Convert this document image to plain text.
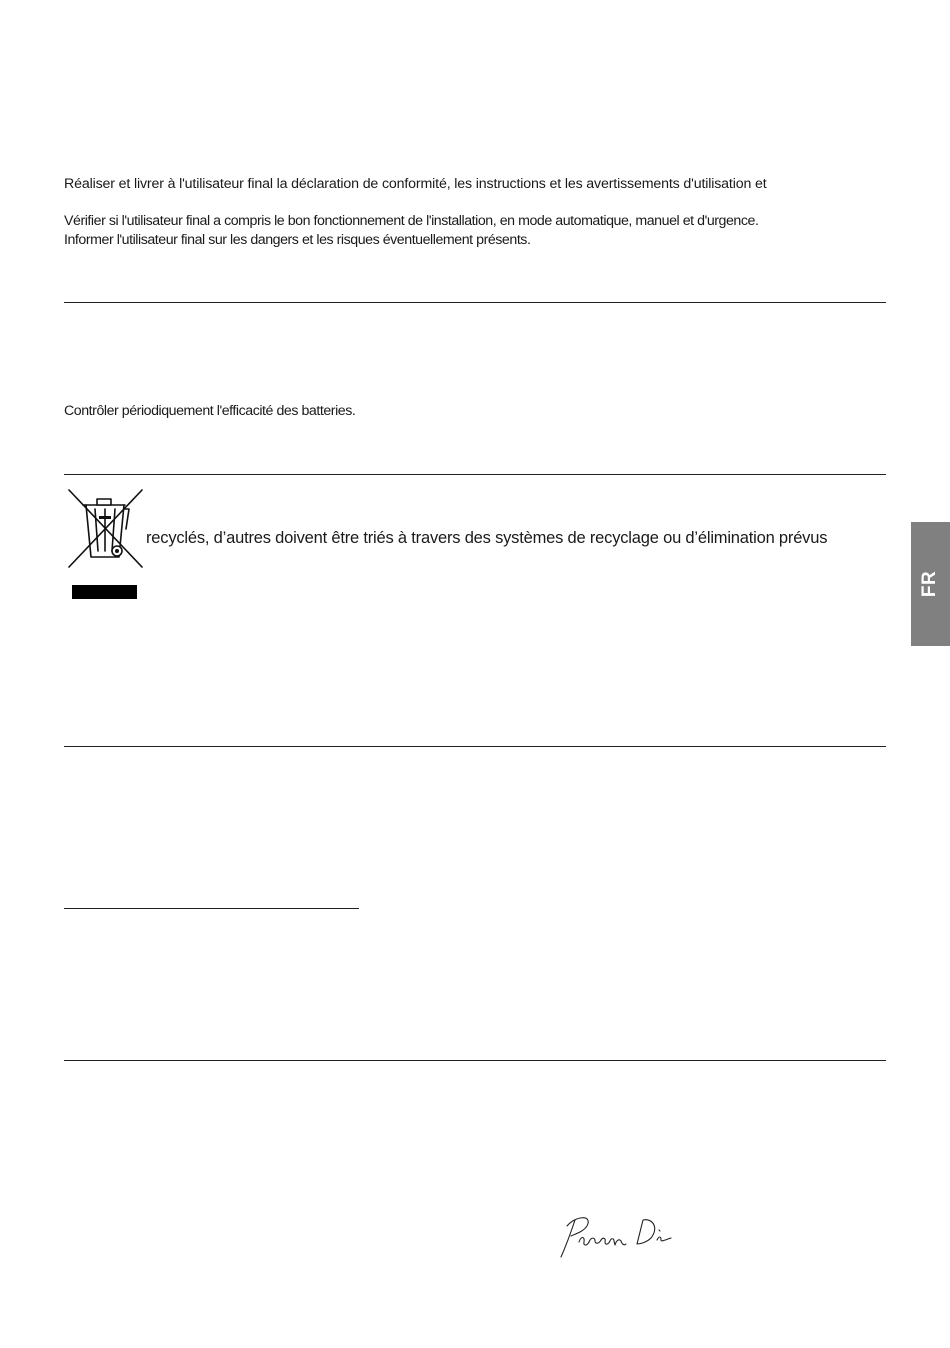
Réaliser et livrer à l'utilisateur final la déclaration de conformité, les instructions et les avertissements d'utilisation et
Vérifier si l'utilisateur final a compris le bon fonctionnement de l'installation, en mode automatique, manuel et d'urgence.
Informer l'utilisateur final sur les dangers et les risques éventuellement présents.
Contrôler périodiquement l'efficacité des batteries.
recyclés, d’autres doivent être triés à travers des systèmes de recyclage ou d’élimination prévus
FR
